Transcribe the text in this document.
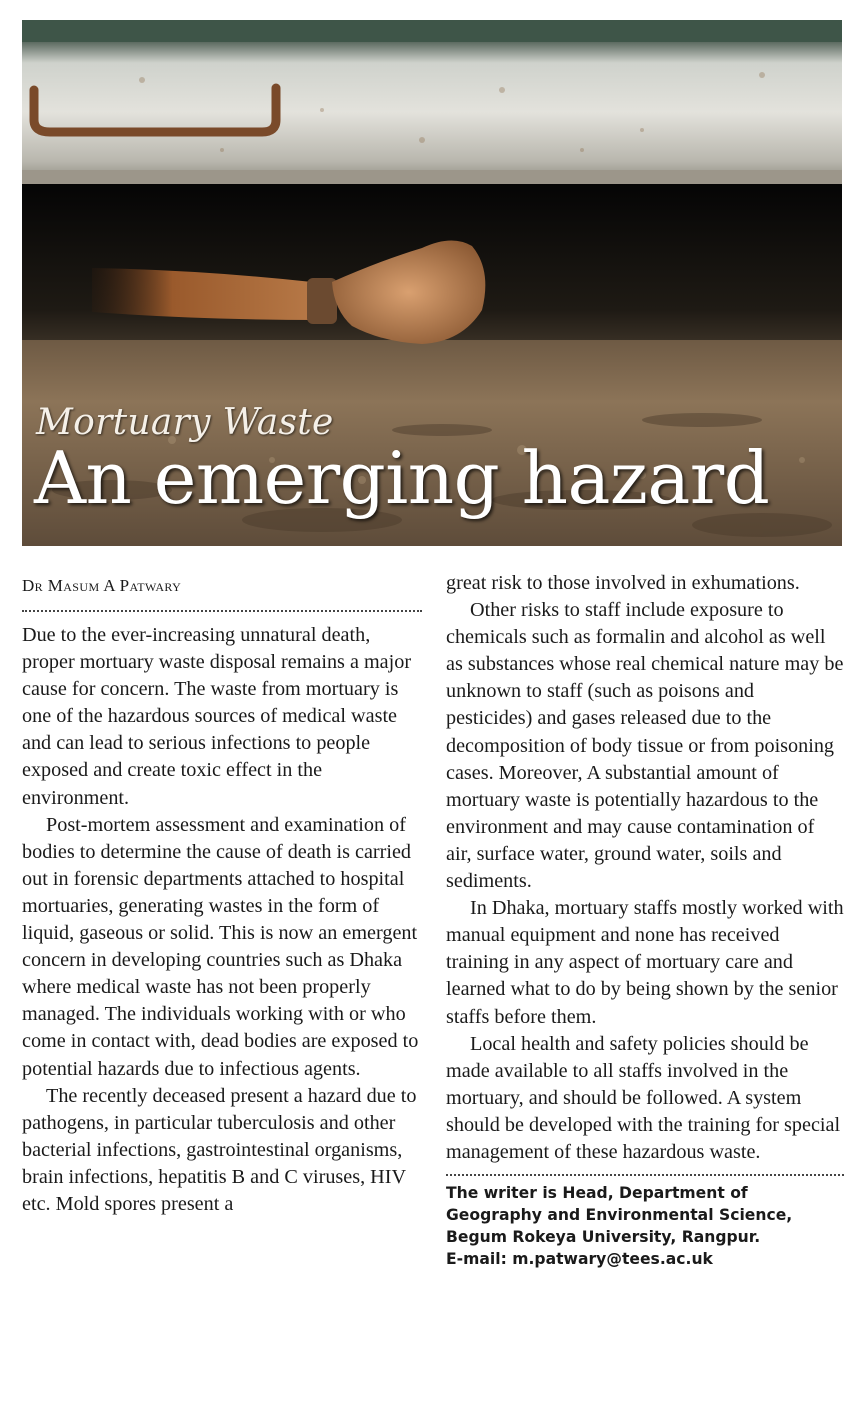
Mortuary Waste
An emerging hazard
Dr Masum A Patwary

Due to the ever-increasing unnatural death, proper mortuary waste disposal remains a major cause for concern. The waste from mortuary is one of the hazardous sources of medical waste and can lead to serious infections to people exposed and create toxic effect in the environment.

Post-mortem assessment and examination of bodies to determine the cause of death is carried out in forensic departments attached to hospital mortuaries, generating wastes in the form of liquid, gaseous or solid. This is now an emergent concern in developing countries such as Dhaka where medical waste has not been properly managed. The individuals working with or who come in contact with, dead bodies are exposed to potential hazards due to infectious agents.

The recently deceased present a hazard due to pathogens, in particular tuberculosis and other bacterial infections, gastrointestinal organisms, brain infections, hepatitis B and C viruses, HIV etc. Mold spores present a

great risk to those involved in exhumations.

Other risks to staff include exposure to chemicals such as formalin and alcohol as well as substances whose real chemical nature may be unknown to staff (such as poisons and pesticides) and gases released due to the decomposition of body tissue or from poisoning cases. Moreover, A substantial amount of mortuary waste is potentially hazardous to the environment and may cause contamination of air, surface water, ground water, soils and sediments.

In Dhaka, mortuary staffs mostly worked with manual equipment and none has received training in any aspect of mortuary care and learned what to do by being shown by the senior staffs before them.

Local health and safety policies should be made available to all staffs involved in the mortuary, and should be followed. A system should be developed with the training for special management of these hazardous waste.

The writer is Head, Department of
Geography and Environmental Science,
Begum Rokeya University, Rangpur.
E-mail: m.patwary@tees.ac.uk
